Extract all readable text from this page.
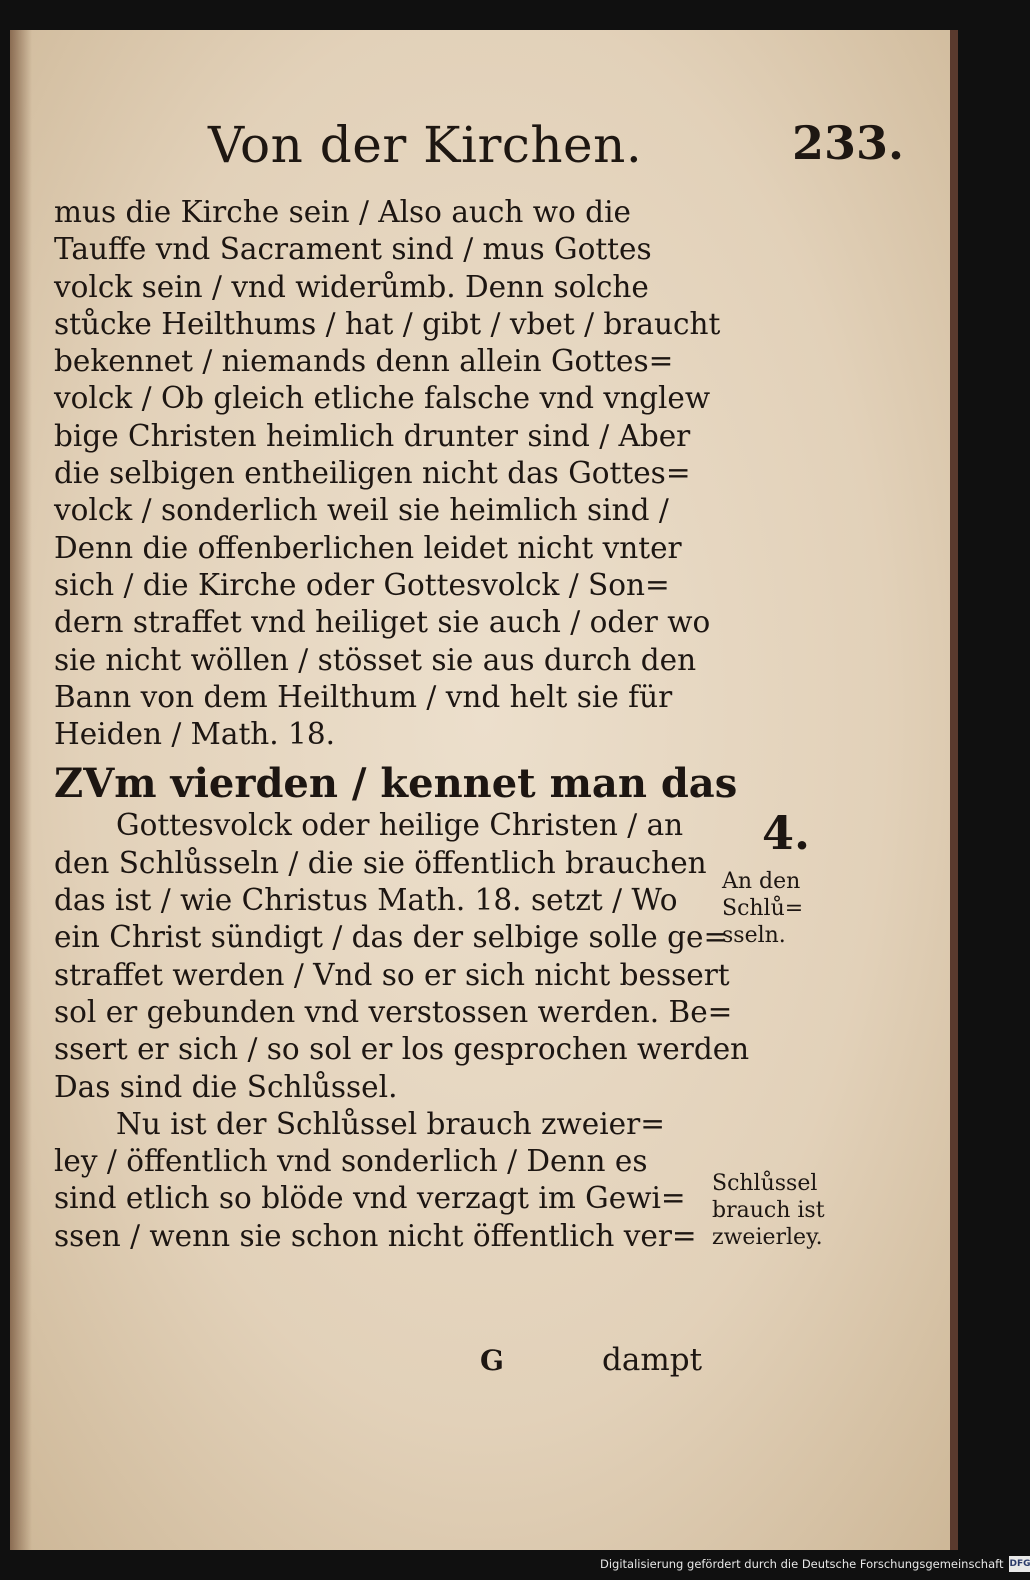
Von der Kirchen.	233.
mus die Kirche sein / Also auch wo die
Tauffe vnd Sacrament sind / mus Gottes
volck sein / vnd widerůmb. Denn solche
stůcke Heilthums / hat / gibt / vbet / braucht
bekennet / niemands denn allein Gottes=
volck / Ob gleich etliche falsche vnd vnglew
bige Christen heimlich drunter sind / Aber
die selbigen entheiligen nicht das Gottes=
volck / sonderlich weil sie heimlich sind /
Denn die offenberlichen leidet nicht vnter
sich / die Kirche oder Gottesvolck / Son=
dern straffet vnd heiliget sie auch / oder wo
sie nicht wöllen / stösset sie aus durch den
Bann von dem Heilthum / vnd helt sie für
Heiden / Math. 18.
ZVm vierden / kennet man das
Gottesvolck oder heilige Christen / an
den Schlůsseln / die sie öffentlich brauchen
das ist / wie Christus Math. 18. setzt / Wo
ein Christ sündigt / das der selbige solle ge=
straffet werden / Vnd so er sich nicht bessert
sol er gebunden vnd verstossen werden. Be=
ssert er sich / so sol er los gesprochen werden
Das sind die Schlůssel.
Nu ist der Schlůssel brauch zweier=
ley / öffentlich vnd sonderlich / Denn es
sind etlich so blöde vnd verzagt im Gewi=
ssen / wenn sie schon nicht öffentlich ver=
4.
An den
Schlů=
sseln.
Schlůssel
brauch ist
zweierley.
G	dampt
Digitalisierung gefördert durch die Deutsche Forschungsgemeinschaft DFG
